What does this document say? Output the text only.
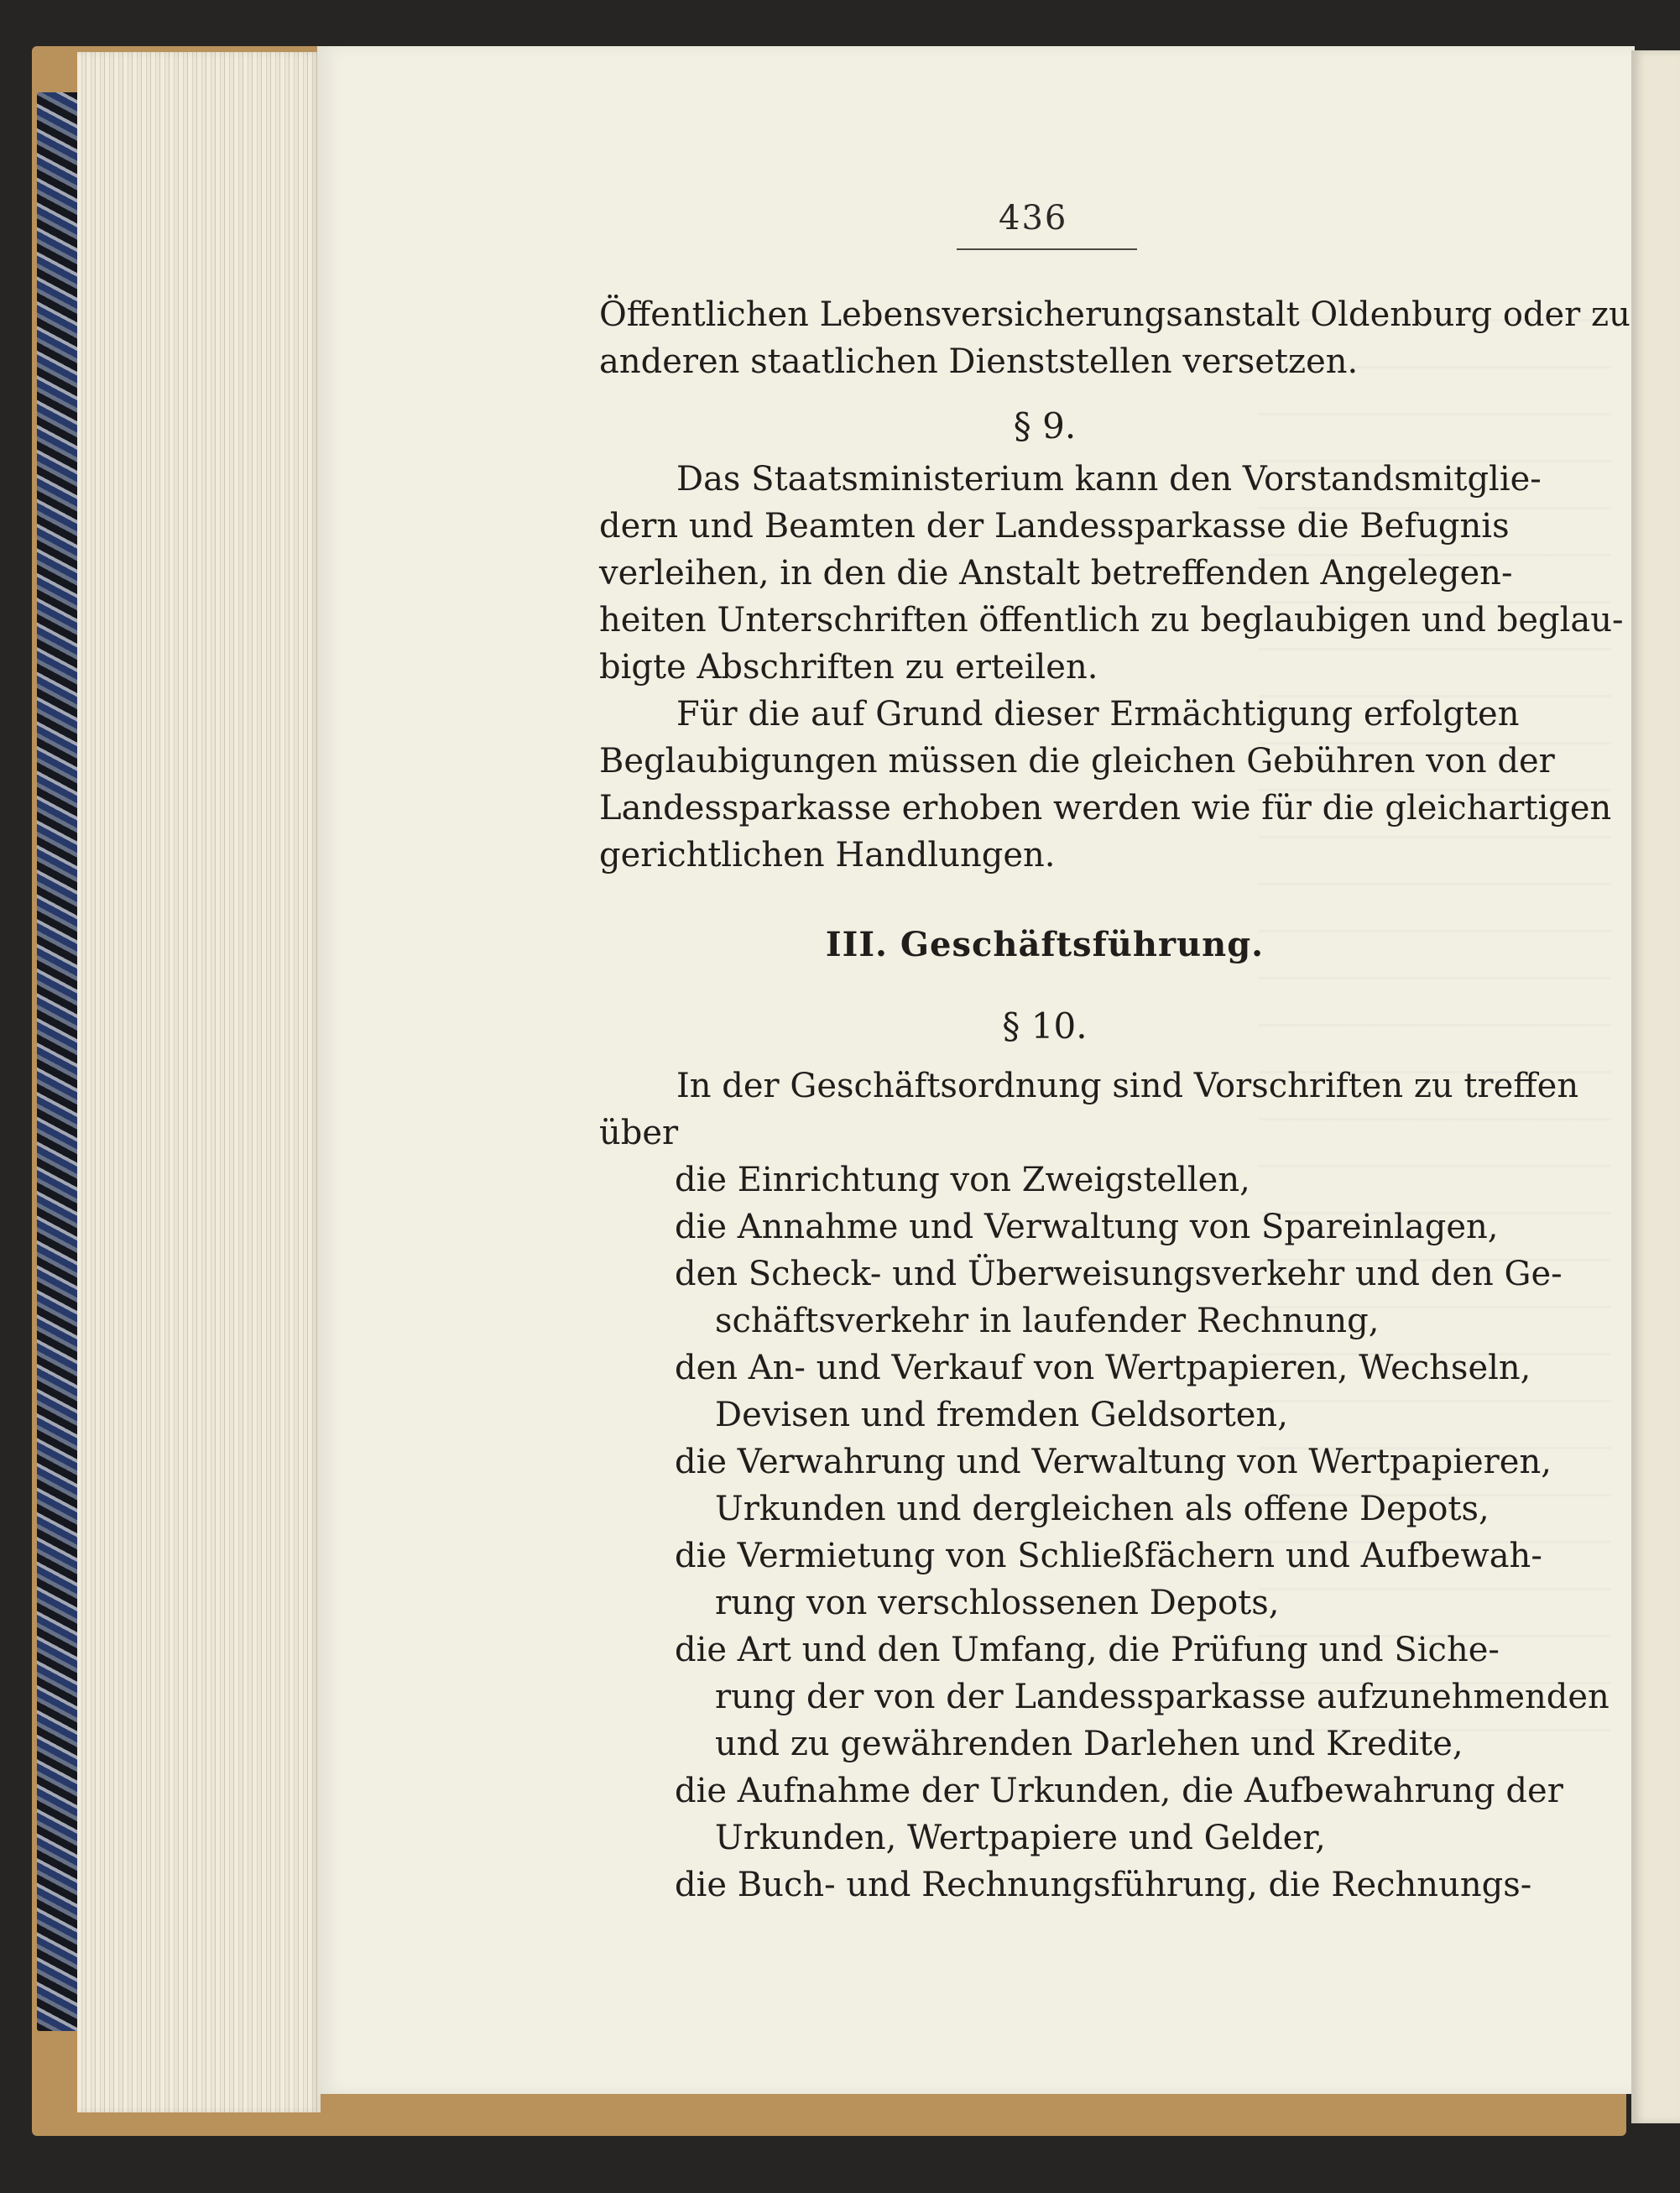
436
Öffentlichen Lebensversicherungsanstalt Oldenburg oder zu
anderen staatlichen Dienststellen versetzen.
§ 9.
Das Staatsministerium kann den Vorstandsmitglie-
dern und Beamten der Landessparkasse die Befugnis
verleihen, in den die Anstalt betreffenden Angelegen-
heiten Unterschriften öffentlich zu beglaubigen und beglau-
bigte Abschriften zu erteilen.
Für die auf Grund dieser Ermächtigung erfolgten
Beglaubigungen müssen die gleichen Gebühren von der
Landessparkasse erhoben werden wie für die gleichartigen
gerichtlichen Handlungen.
III. Geschäftsführung.
§ 10.
In der Geschäftsordnung sind Vorschriften zu treffen
über
die Einrichtung von Zweigstellen,
die Annahme und Verwaltung von Spareinlagen,
den Scheck- und Überweisungsverkehr und den Ge-
schäftsverkehr in laufender Rechnung,
den An- und Verkauf von Wertpapieren, Wechseln,
Devisen und fremden Geldsorten,
die Verwahrung und Verwaltung von Wertpapieren,
Urkunden und dergleichen als offene Depots,
die Vermietung von Schließfächern und Aufbewah-
rung von verschlossenen Depots,
die Art und den Umfang, die Prüfung und Siche-
rung der von der Landessparkasse aufzunehmenden
und zu gewährenden Darlehen und Kredite,
die Aufnahme der Urkunden, die Aufbewahrung der
Urkunden, Wertpapiere und Gelder,
die Buch- und Rechnungsführung, die Rechnungs-
